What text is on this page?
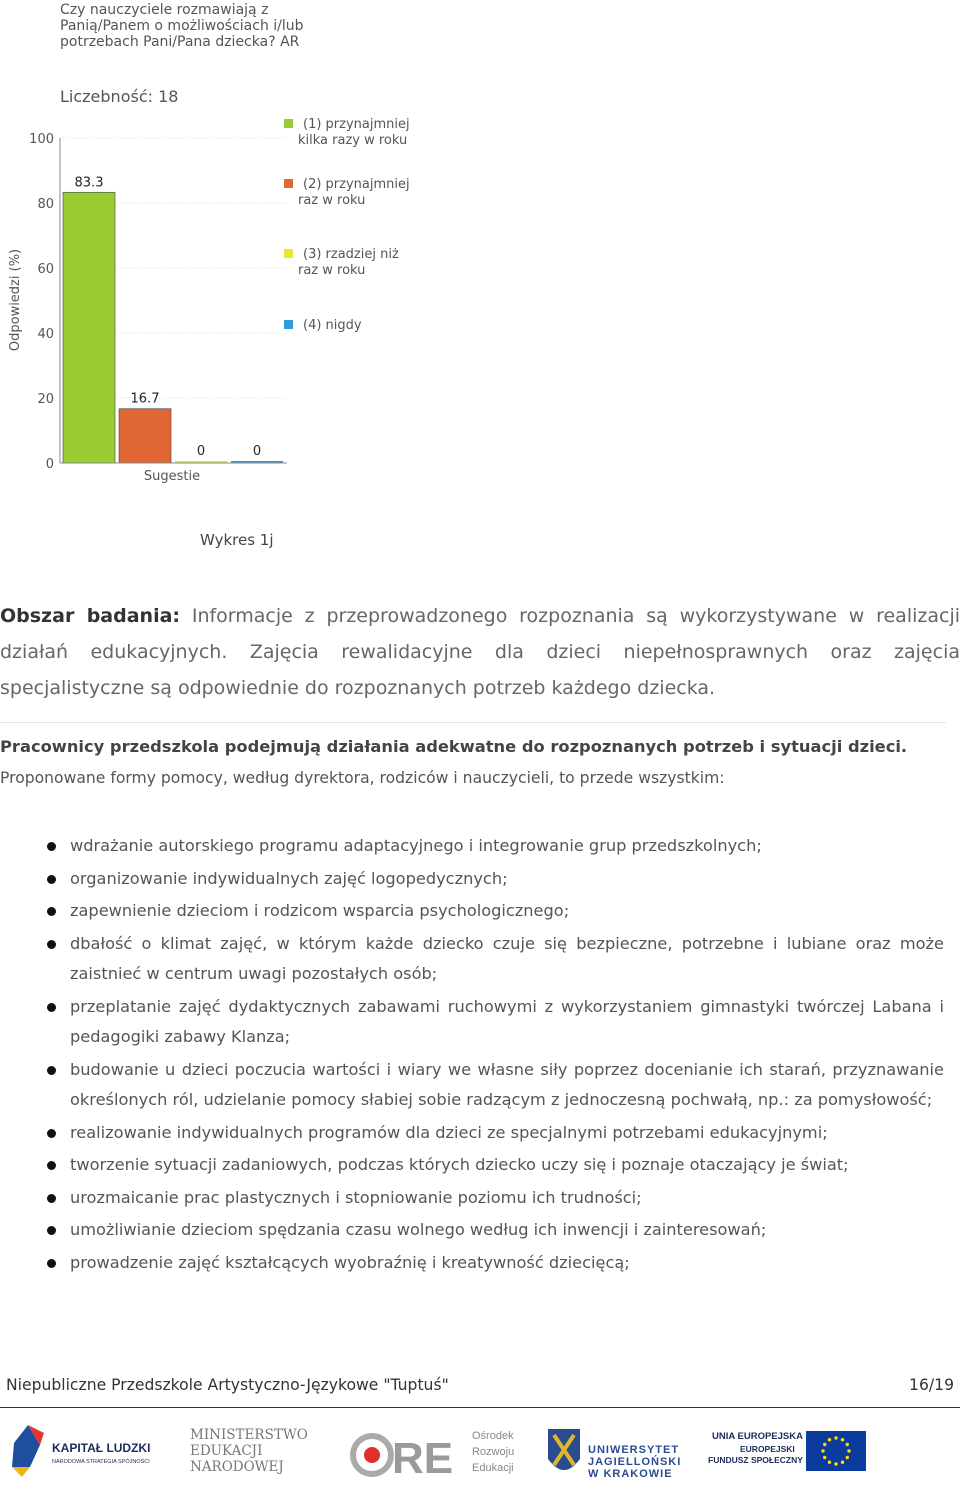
Czy nauczyciele rozmawiają z
Panią/Panem o możliwościach i/lub
potrzebach Pani/Pana dziecka? AR
Liczebność: 18
Odpowiedzi (%)
0
20
40
60
80
100
83.3
16.7
0	0
Sugestie
(1) przynajmniej
kilka razy w roku
(2) przynajmniej
raz w roku
(3) rzadziej niż
raz w roku
(4) nigdy
Wykres 1j
Obszar badania: Informacje z przeprowadzonego rozpoznania są wykorzystywane w realizacji działań edukacyjnych. Zajęcia rewalidacyjne dla dzieci niepełnosprawnych oraz zajęcia specjalistyczne są odpowiednie do rozpoznanych potrzeb każdego dziecka.
Pracownicy przedszkola podejmują działania adekwatne do rozpoznanych potrzeb i sytuacji dzieci.
Proponowane formy pomocy, według dyrektora, rodziców i nauczycieli, to przede wszystkim:
wdrażanie autorskiego programu adaptacyjnego i integrowanie grup przedszkolnych;
organizowanie indywidualnych zajęć logopedycznych;
zapewnienie dzieciom i rodzicom wsparcia psychologicznego;
dbałość o klimat zajęć, w którym każde dziecko czuje się bezpieczne, potrzebne i lubiane oraz może zaistnieć w centrum uwagi pozostałych osób;
przeplatanie zajęć dydaktycznych zabawami ruchowymi z wykorzystaniem gimnastyki twórczej Labana i pedagogiki zabawy Klanza;
budowanie u dzieci poczucia wartości i wiary we własne siły poprzez docenianie ich starań, przyznawanie określonych ról, udzielanie pomocy słabiej sobie radzącym z jednoczesną pochwałą, np.: za pomysłowość;
realizowanie indywidualnych programów dla dzieci ze specjalnymi potrzebami edukacyjnymi;
tworzenie sytuacji zadaniowych, podczas których dziecko uczy się i poznaje otaczający je świat;
urozmaicanie prac plastycznych i stopniowanie poziomu ich trudności;
umożliwianie dzieciom spędzania czasu wolnego według ich inwencji i zainteresowań;
prowadzenie zajęć kształcących wyobraźnię i kreatywność dziecięcą;
Niepubliczne Przedszkole Artystyczno-Językowe "Tuptuś"	16/19
KAPITAŁ LUDZKI
NARODOWA STRATEGIA SPÓJNOŚCI
MINISTERSTWO
EDUKACJI
NARODOWEJ RE Ośrodek
Rozwoju
Edukacji
UNIWERSYTET
JAGIELLOŃSKI
W KRAKOWIE
UNIA EUROPEJSKA
EUROPEJSKI
FUNDUSZ SPOŁECZNY
